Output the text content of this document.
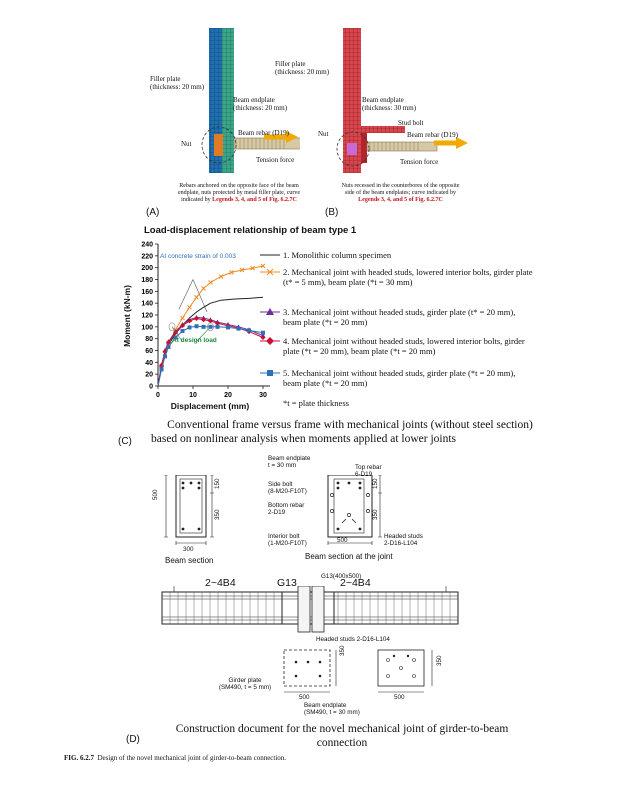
Filler plate
(thickness: 20 mm)
Beam endplate
(thickness: 20 mm)
Beam rebar (D19)
Nut
Tension force
Rebars anchored on the opposite face of the beam
endplate, nuts protected by metal filler plate, curve
indicated by Legends 3, 4, and 5 of Fig. 6.2.7C
(A)
Filler plate
(thickness: 20 mm)
Beam endplate
(thickness: 30 mm)
Stud bolt
Nut	Beam rebar (D19)
Tension force
Nuts recessed in the counterbores of the opposite
side of the beam endplates; curve indicated by
Legends 3, 4, and 5 of Fig. 6.2.7C
(B)
Load-displacement relationship of beam type 1
0
20
40
60
80
100
120
140
160
180
200
220
240
0	10	20	30
Moment (kN-m)
Displacement (mm)
At concrete strain of 0.003
At design load
1. Monolithic column specimen
2. Mechanical joint with headed studs, lowered interior bolts, girder plate (t* = 5 mm), beam plate (*t = 30 mm)
3. Mechanical joint without headed studs, girder plate (t* = 20 mm), beam plate (*t = 20 mm)
4. Mechanical joint without headed studs, lowered interior bolts, girder plate (*t = 20 mm), beam plate (*t = 20 mm)
5. Mechanical joint without headed studs, girder plate (*t = 20 mm), beam plate (*t = 20 mm)
*t = plate thickness
Conventional frame versus frame with mechanical joints (without steel section)
based on nonlinear analysis when moments applied at lower joints
(C)
500
150
350
300
Beam section
150
350
500
Beam endplate
t = 30 mm	Top rebar
6-D19
Side bolt
(8-M20-F10T)
Bottom rebar
2-D19
Interior bolt
(1-M20-F10T)
Headed studs
2-D16-L104
Beam section at the joint
G13(400x500)
2~4B4	G13	2~4B4
Headed studs 2-D16-L104
350
350
500	500
Girder plate
(SM490, t = 5 mm)
Beam endplate
(SM490, t = 30 mm)
Construction document for the novel mechanical joint of girder-to-beam
connection
(D)
FIG. 6.2.7 Design of the novel mechanical joint of girder-to-beam connection.
